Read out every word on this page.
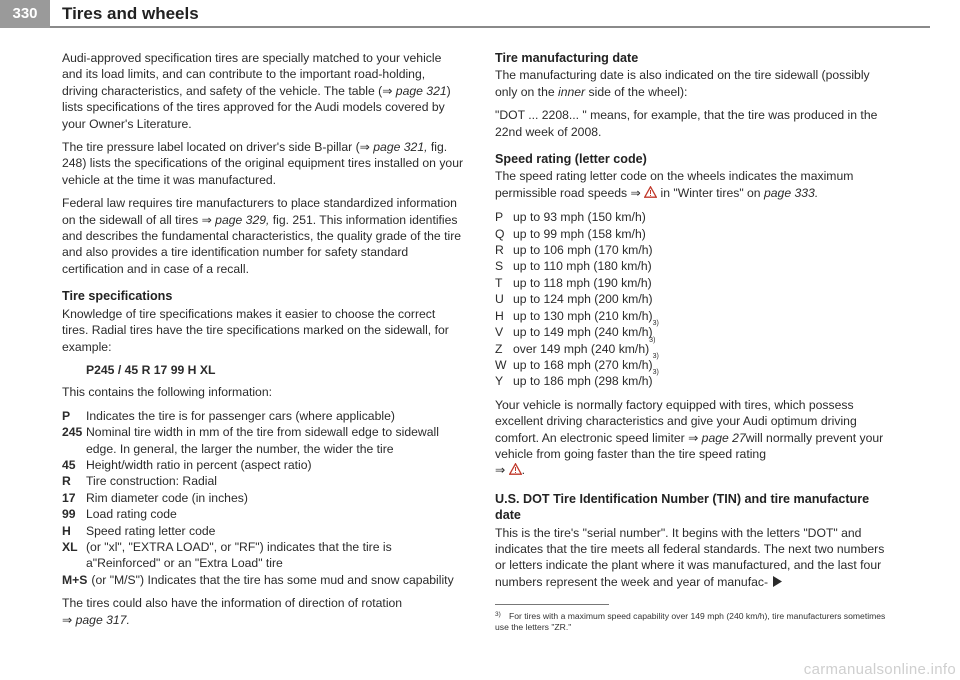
330	Tires and wheels

Audi-approved specification tires are specially matched to your vehicle and its load limits, and can contribute to the important road-holding, driving characteristics, and safety of the vehicle. The table (⇒ page 321) lists specifications of the tires approved for the Audi models covered by your Owner's Literature.

The tire pressure label located on driver's side B-pillar (⇒ page 321, fig. 248) lists the specifications of the original equipment tires installed on your vehicle at the time it was manufactured.

Federal law requires tire manufacturers to place standardized information on the sidewall of all tires ⇒ page 329, fig. 251. This information identifies and describes the fundamental characteristics, the quality grade of the tire and also provides a tire identification number for safety standard certification and in case of a recall.

Tire specifications

Knowledge of tire specifications makes it easier to choose the correct tires. Radial tires have the tire specifications marked on the sidewall, for example:

P245 / 45 R 17 99 H XL

This contains the following information:

P Indicates the tire is for passenger cars (where applicable)
245 Nominal tire width in mm of the tire from sidewall edge to sidewall edge. In general, the larger the number, the wider the tire
45 Height/width ratio in percent (aspect ratio)
R Tire construction: Radial
17 Rim diameter code (in inches)
99 Load rating code
H Speed rating letter code
XL (or "xl", "EXTRA LOAD", or "RF") indicates that the tire is a"Reinforced" or an "Extra Load" tire
M+S (or "M/S") Indicates that the tire has some mud and snow capability

The tires could also have the information of direction of rotation
⇒ page 317.

Tire manufacturing date

The manufacturing date is also indicated on the tire sidewall (possibly only on the inner side of the wheel):

"DOT ... 2208... " means, for example, that the tire was produced in the 22nd week of 2008.

Speed rating (letter code)

The speed rating letter code on the wheels indicates the maximum permissible road speeds ⇒  in "Winter tires" on page 333.

P up to 93 mph (150 km/h)
Q up to 99 mph (158 km/h)
R up to 106 mph (170 km/h)
S up to 110 mph (180 km/h)
T up to 118 mph (190 km/h)
U up to 124 mph (200 km/h)
H up to 130 mph (210 km/h)
V up to 149 mph (240 km/h)
3)
Z over 149 mph (240 km/h)
3)
W up to 168 mph (270 km/h)
3)
Y up to 186 mph (298 km/h)
3)

Your vehicle is normally factory equipped with tires, which possess excellent driving characteristics and give your Audi optimum driving comfort. An electronic speed limiter ⇒ page 27will normally prevent your vehicle from going faster than the tire speed rating
⇒ .

U.S. DOT Tire Identification Number (TIN) and tire manufacture date

This is the tire's "serial number". It begins with the letters "DOT" and indicates that the tire meets all federal standards. The next two numbers or letters indicate the plant where it was manufactured, and the last four numbers represent the week and year of manufac-

3) For tires with a maximum speed capability over 149 mph (240 km/h), tire manufacturers sometimes use the letters "ZR."
carmanualsonline.info
